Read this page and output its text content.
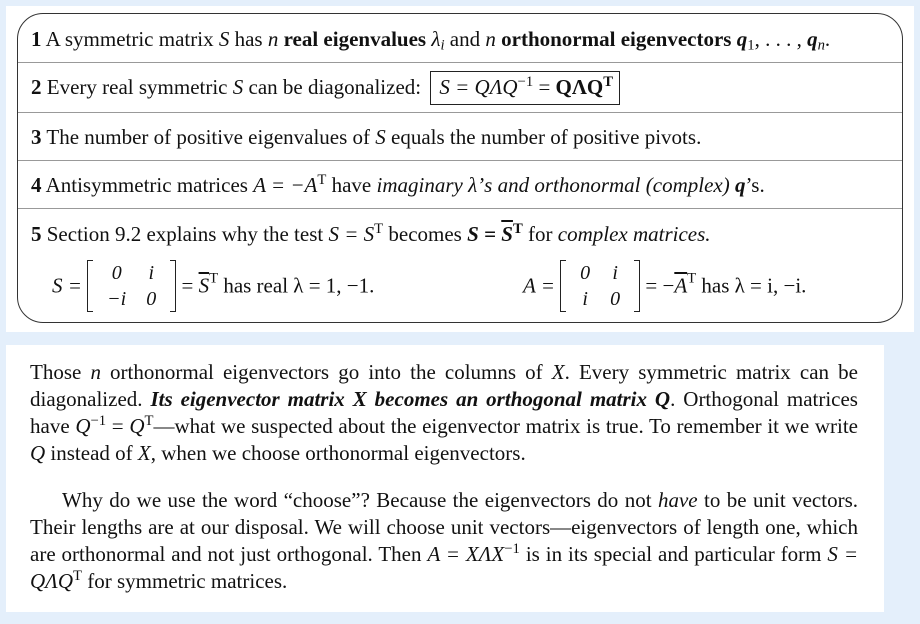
1 A symmetric matrix S has n real eigenvalues $\lambda_i$ and n orthonormal eigenvectors $q_1$, . . . , $q_n$.
2 Every real symmetric S can be diagonalized: $S = Q\Lambda Q^{-1} = Q\Lambda Q^T$
3 The number of positive eigenvalues of S equals the number of positive pivots.
4 Antisymmetric matrices $A = -A^T$ have imaginary λ’s and orthonormal (complex) q’s.
5 Section 9.2 explains why the test $S = S^T$ becomes $S = \overline{S}^T$ for complex matrices.
S =
0	i
−i	0
= $\overline{S}^T$ has real λ = 1, −1.	A =
0	i
i	0
= $-\overline{A}^T$ has λ = i, −i.

Those n orthonormal eigenvectors go into the columns of X. Every symmetric matrix can be diagonalized. Its eigenvector matrix X becomes an orthogonal matrix Q. Orthogonal matrices have $Q^{-1}$ = $Q^T—what$ we suspected about the eigenvector matrix is true. To remember it we write Q instead of X, when we choose orthonormal eigenvectors.

Why do we use the word “choose”? Because the eigenvectors do not have to be unit vectors. Their lengths are at our disposal. We will choose unit vectors—eigenvectors of length one, which are orthonormal and not just orthogonal. Then $A = X\Lambda X^{-1}$ is in its special and particular form $S = Q\Lambda Q^T$ for symmetric matrices.
